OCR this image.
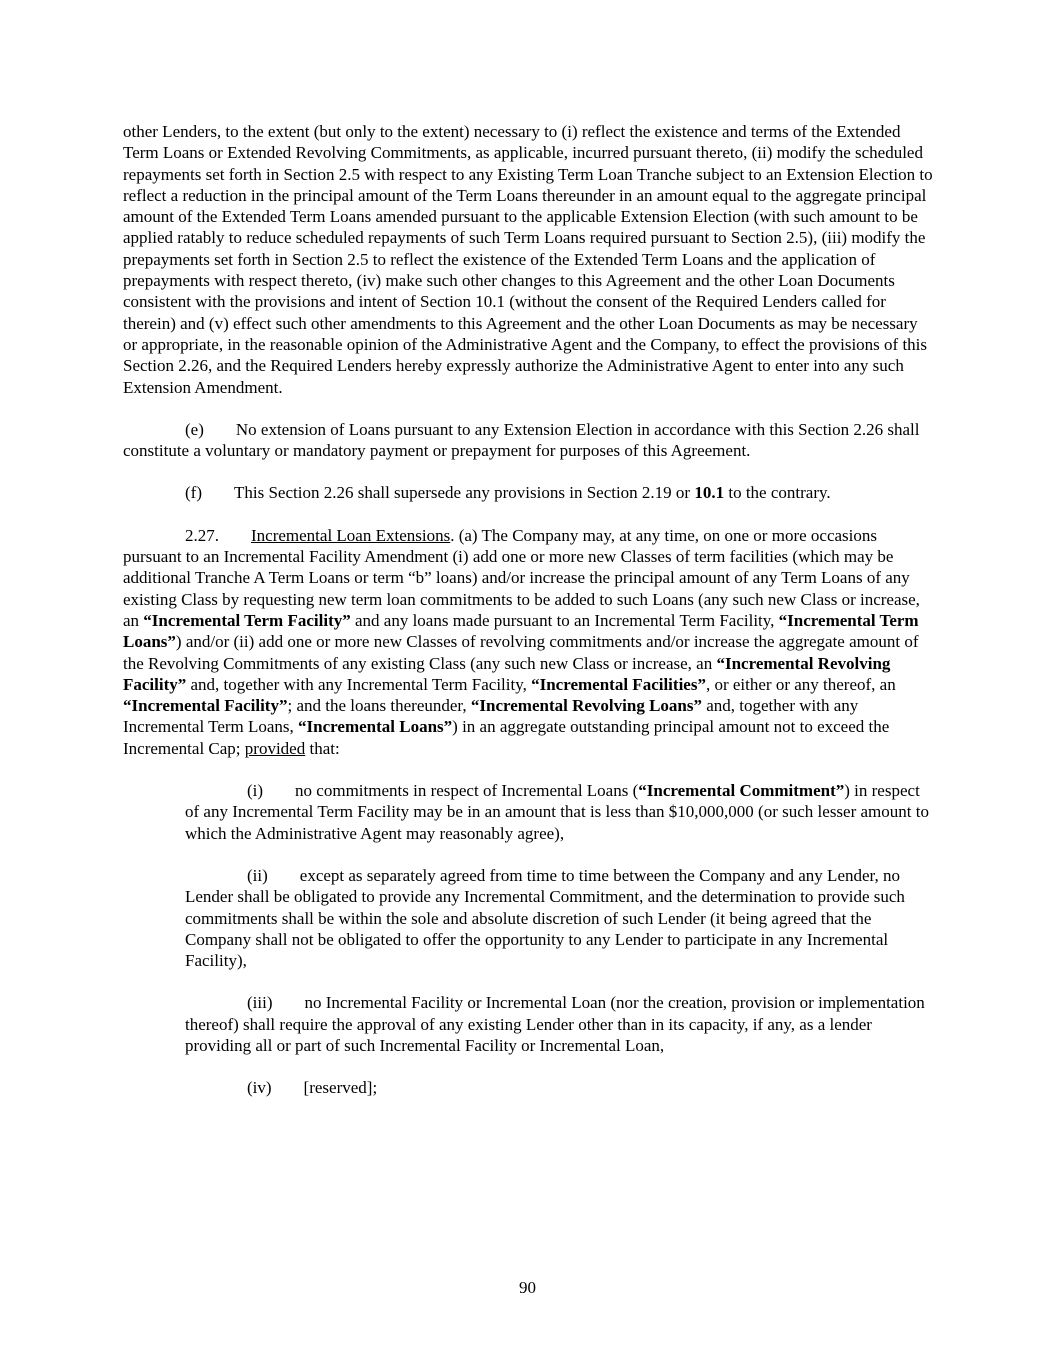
other Lenders, to the extent (but only to the extent) necessary to (i) reflect the existence and terms of the Extended Term Loans or Extended Revolving Commitments, as applicable, incurred pursuant thereto, (ii) modify the scheduled repayments set forth in Section 2.5 with respect to any Existing Term Loan Tranche subject to an Extension Election to reflect a reduction in the principal amount of the Term Loans thereunder in an amount equal to the aggregate principal amount of the Extended Term Loans amended pursuant to the applicable Extension Election (with such amount to be applied ratably to reduce scheduled repayments of such Term Loans required pursuant to Section 2.5), (iii) modify the prepayments set forth in Section 2.5 to reflect the existence of the Extended Term Loans and the application of prepayments with respect thereto, (iv) make such other changes to this Agreement and the other Loan Documents consistent with the provisions and intent of Section 10.1 (without the consent of the Required Lenders called for therein) and (v) effect such other amendments to this Agreement and the other Loan Documents as may be necessary or appropriate, in the reasonable opinion of the Administrative Agent and the Company, to effect the provisions of this Section 2.26, and the Required Lenders hereby expressly authorize the Administrative Agent to enter into any such Extension Amendment.

(e) No extension of Loans pursuant to any Extension Election in accordance with this Section 2.26 shall constitute a voluntary or mandatory payment or prepayment for purposes of this Agreement.

(f) This Section 2.26 shall supersede any provisions in Section 2.19 or 10.1 to the contrary.

2.27. Incremental Loan Extensions. (a) The Company may, at any time, on one or more occasions pursuant to an Incremental Facility Amendment (i) add one or more new Classes of term facilities (which may be additional Tranche A Term Loans or term “b” loans) and/or increase the principal amount of any Term Loans of any existing Class by requesting new term loan commitments to be added to such Loans (any such new Class or increase, an “Incremental Term Facility” and any loans made pursuant to an Incremental Term Facility, “Incremental Term Loans”) and/or (ii) add one or more new Classes of revolving commitments and/or increase the aggregate amount of the Revolving Commitments of any existing Class (any such new Class or increase, an “Incremental Revolving Facility” and, together with any Incremental Term Facility, “Incremental Facilities”, or either or any thereof, an “Incremental Facility”; and the loans thereunder, “Incremental Revolving Loans” and, together with any Incremental Term Loans, “Incremental Loans”) in an aggregate outstanding principal amount not to exceed the Incremental Cap; provided that:

(i) no commitments in respect of Incremental Loans (“Incremental Commitment”) in respect of any Incremental Term Facility may be in an amount that is less than $10,000,000 (or such lesser amount to which the Administrative Agent may reasonably agree),

(ii) except as separately agreed from time to time between the Company and any Lender, no Lender shall be obligated to provide any Incremental Commitment, and the determination to provide such commitments shall be within the sole and absolute discretion of such Lender (it being agreed that the Company shall not be obligated to offer the opportunity to any Lender to participate in any Incremental Facility),

(iii) no Incremental Facility or Incremental Loan (nor the creation, provision or implementation thereof) shall require the approval of any existing Lender other than in its capacity, if any, as a lender providing all or part of such Incremental Facility or Incremental Loan,

(iv) [reserved];

90
